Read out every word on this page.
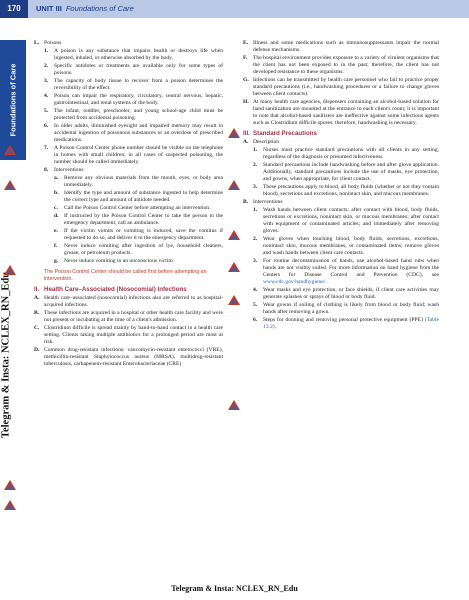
170	UNIT III Foundations of Care
Foundations of Care
Telegram & Insta: NCLEX_RN_Edu
L. Poisons
1.	A poison is any substance that impairs health or destroys life when ingested, inhaled, or otherwise absorbed by the body.
2.	Specific antidotes or treatments are available only for some types of poisons.
3.	The capacity of body tissue to recover from a poison determines the reversibility of the effect.
4.	Poison can impair the respiratory, circulatory, central nervous, hepatic, gastrointestinal, and renal systems of the body.
5.	The infant, toddler, preschooler, and young school-age child must be protected from accidental poisoning.
6.	In older adults, diminished eyesight and impaired memory may result in accidental ingestion of poisonous substances or an overdose of prescribed medications.
7.	A Poison Control Center phone number should be visible on the telephone in homes with small children; in all cases of suspected poisoning, the number should be called immediately.
8.	Interventions
a.	Remove any obvious materials from the mouth, eyes, or body area immediately.
b. Identify the type and amount of substance ingested to help determine the correct type and amount of antidote needed.
c.	Call the Poison Control Center before attempting an intervention.
d. If instructed by the Poison Control Center to take the person to the emergency department, call an ambulance.
e.	If the victim vomits or vomiting is induced, save the vomitus if requested to do so, and deliver it to the emergency department.
f.	Never induce vomiting after ingestion of lye, household cleaners, grease, or petroleum products.
g.	Never induce vomiting in an unconscious victim.
The Poison Control Center should be called first before attempting an intervention.
II. Health Care–Associated (Nosocomial) Infections
A. Health care–associated (nosocomial) infections also are referred to as hospital-acquired infections.
B. These infections are acquired in a hospital or other health care facility and were not present or incubating at the time of a client's admission.
C. Clostridium difficile is spread mainly by hand-to-hand contact in a health care setting. Clients taking multiple antibiotics for a prolonged period are most at risk.
D. Common drug-resistant infections: vancomycin-resistant enterococci (VRE), methicillin-resistant Staphylococcus aureus (MRSA), multidrug-resistant tuberculosis, carbapenem-resistant Enterobacteriaceae (CRE)
E. Illness and some medications such as immunosuppressants impair the normal defense mechanisms.
F.	The hospital environment provides exposure to a variety of virulent organisms that the client has not been exposed to in the past; therefore, the client has not developed resistance to these organisms.
G. Infections can be transmitted by health care personnel who fail to practice proper standard precautions (i.e., handwashing procedures or a failure to change gloves between client contacts).
H. At many health care agencies, dispensers containing an alcohol-based solution for hand sanitization are mounted at the entrance to each client's room; it is important to note that alcohol-based sanitizers are ineffective against some infectious agents such as Clostridium difficile spores; therefore, handwashing is necessary.
III. Standard Precautions
A. Description
1.	Nurses must practice standard precautions with all clients in any setting, regardless of the diagnosis or presumed infectiveness.
2.	Standard precautions include handwashing before and after glove application. Additionally, standard precautions include the use of masks, eye protection, and gowns, when appropriate, for client contact.
3.	These precautions apply to blood, all body fluids (whether or not they contain blood), secretions and excretions, nonintact skin, and mucous membranes.
B. Interventions
1.	Wash hands between client contacts; after contact with blood, body fluids, secretions or excretions, nonintact skin, or mucous membranes; after contact with equipment or contaminated articles; and immediately after removing gloves.
2.	Wear gloves when touching blood, body fluids, secretions, excretions, nonintact skin, mucous membranes, or contaminated items; remove gloves and wash hands between client care contacts.
3.	For routine decontamination of hands, use alcohol-based hand rubs when hands are not visibly soiled. For more information on hand hygiene from the Centers for Disease Control and Prevention (CDC), see www.cdc.gov/handhygiene/.
4.	Wear masks and eye protection, or face shields, if client care activities may generate splashes or sprays of blood or body fluid.
5.	Wear gowns if soiling of clothing is likely from blood or body fluid; wash hands after removing a gown.
6.	Steps for donning and removing personal protective equipment (PPE) (Table 13.2).
Telegram & Insta: NCLEX_RN_Edu
